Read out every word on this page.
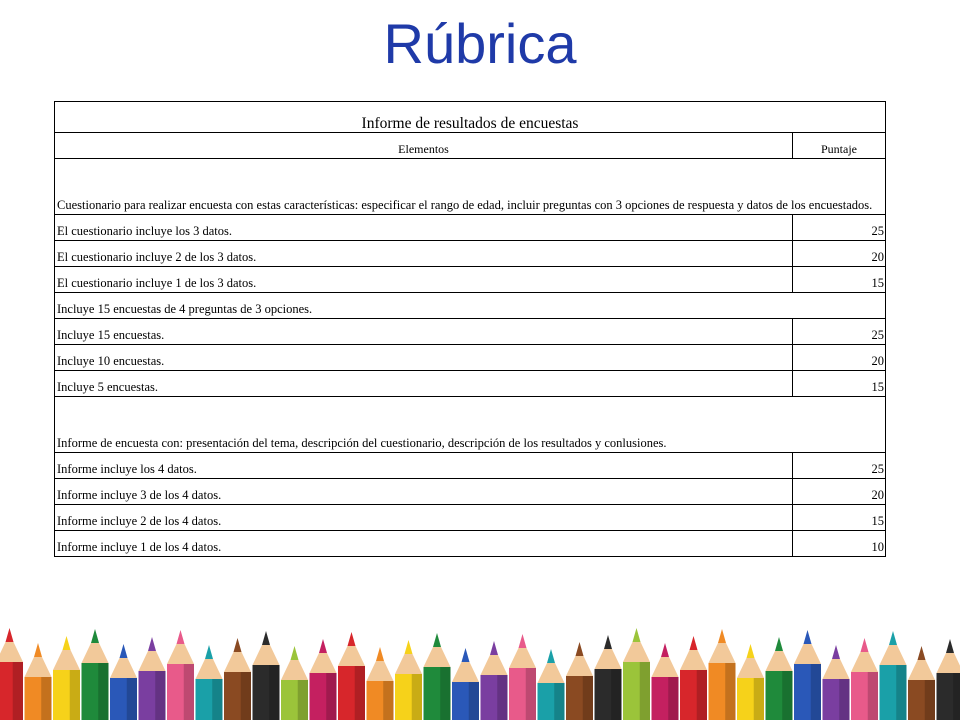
Rúbrica
Informe de resultados de encuestas	
Elementos	Puntaje
Cuestionario para realizar encuesta con estas características: especificar el rango de edad, incluir preguntas con 3 opciones de respuesta y datos de los encuestados.	
El cuestionario incluye los 3 datos.	25
El cuestionario incluye 2 de los 3 datos.	20
El cuestionario incluye 1 de los 3 datos.	15
Incluye 15 encuestas de 4 preguntas de 3 opciones.	
Incluye 15 encuestas.	25
Incluye 10 encuestas.	20
Incluye 5 encuestas.	15
Informe de encuesta con: presentación del tema, descripción del cuestionario, descripción de los resultados y conlusiones.	
Informe incluye los 4 datos.	25
Informe incluye 3 de los 4 datos.	20
Informe incluye 2 de los 4 datos.	15
Informe incluye 1 de los 4 datos.	10
